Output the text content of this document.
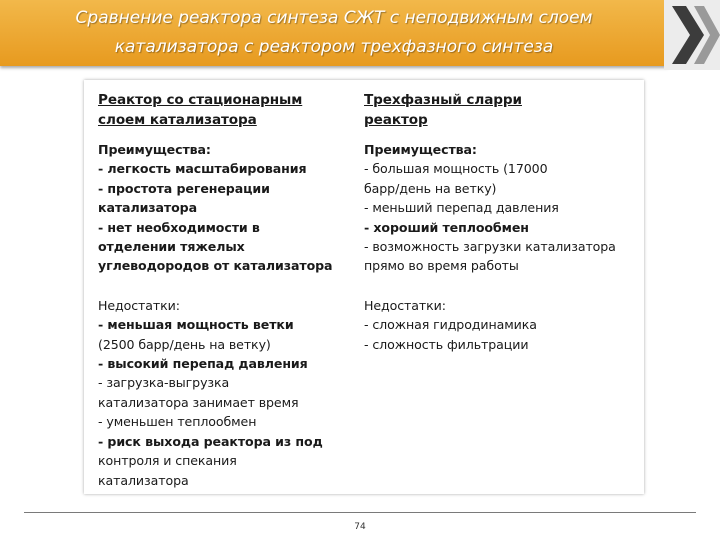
Сравнение реактора синтеза СЖТ с неподвижным слоем
катализатора с реактором трехфазного синтеза
Реактор со стационарным
слоем катализатора
Преимущества:
- легкость масштабирования
- простота регенерации
катализатора
- нет необходимости в
отделении тяжелых
углеводородов от катализатора
Недостатки:
- меньшая мощность ветки
(2500 барр/день на ветку)
- высокий перепад давления
- загрузка-выгрузка
катализатора занимает время
- уменьшен теплообмен
- риск выхода реактора из под
контроля и спекания
катализатора
Трехфазный сларри
реактор
Преимущества:
- большая мощность (17000
барр/день на ветку)
- меньший перепад давления
- хороший теплообмен
- возможность загрузки катализатора
прямо во время работы
Недостатки:
- сложная гидродинамика
- сложность фильтрации
74
